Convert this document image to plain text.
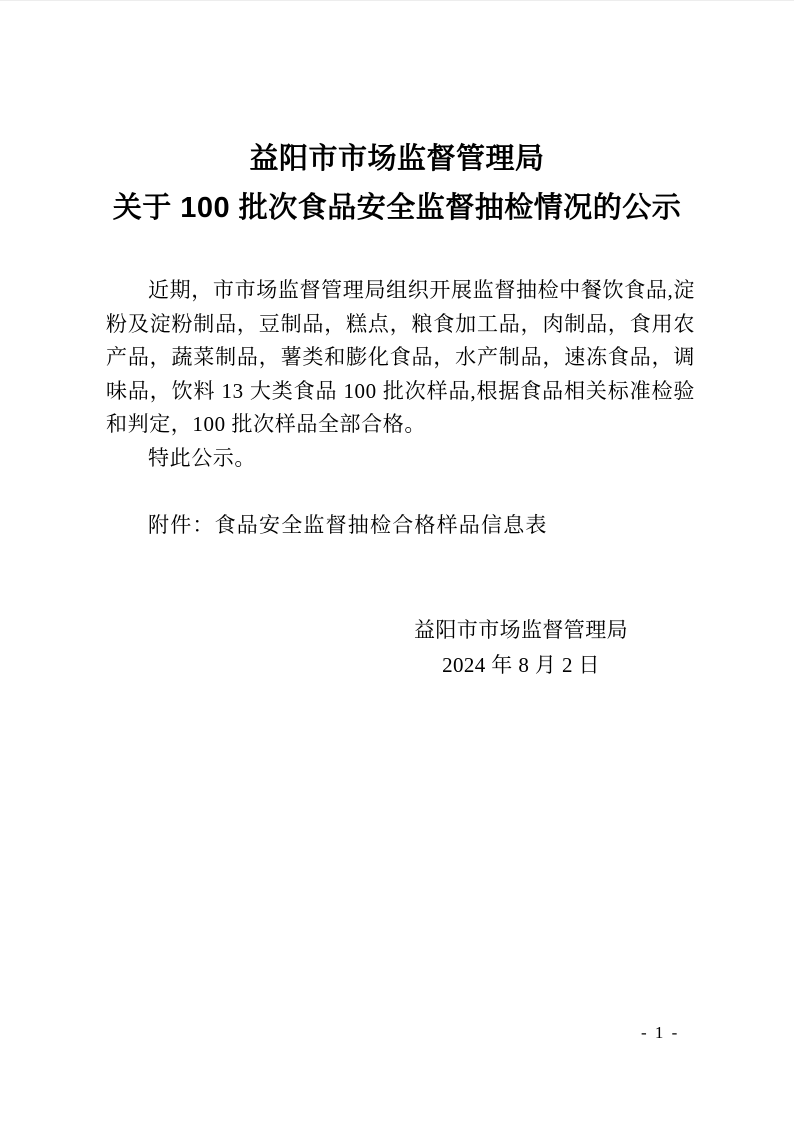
益阳市市场监督管理局
关于 100 批次食品安全监督抽检情况的公示

近期，市市场监督管理局组织开展监督抽检中餐饮食品,淀粉及淀粉制品，豆制品，糕点，粮食加工品，肉制品，食用农产品，蔬菜制品，薯类和膨化食品，水产制品，速冻食品，调味品，饮料 13 大类食品 100 批次样品,根据食品相关标准检验和判定，100 批次样品全部合格。

特此公示。

附件：食品安全监督抽检合格样品信息表

益阳市市场监督管理局
2024 年 8 月 2 日
- 1 -
